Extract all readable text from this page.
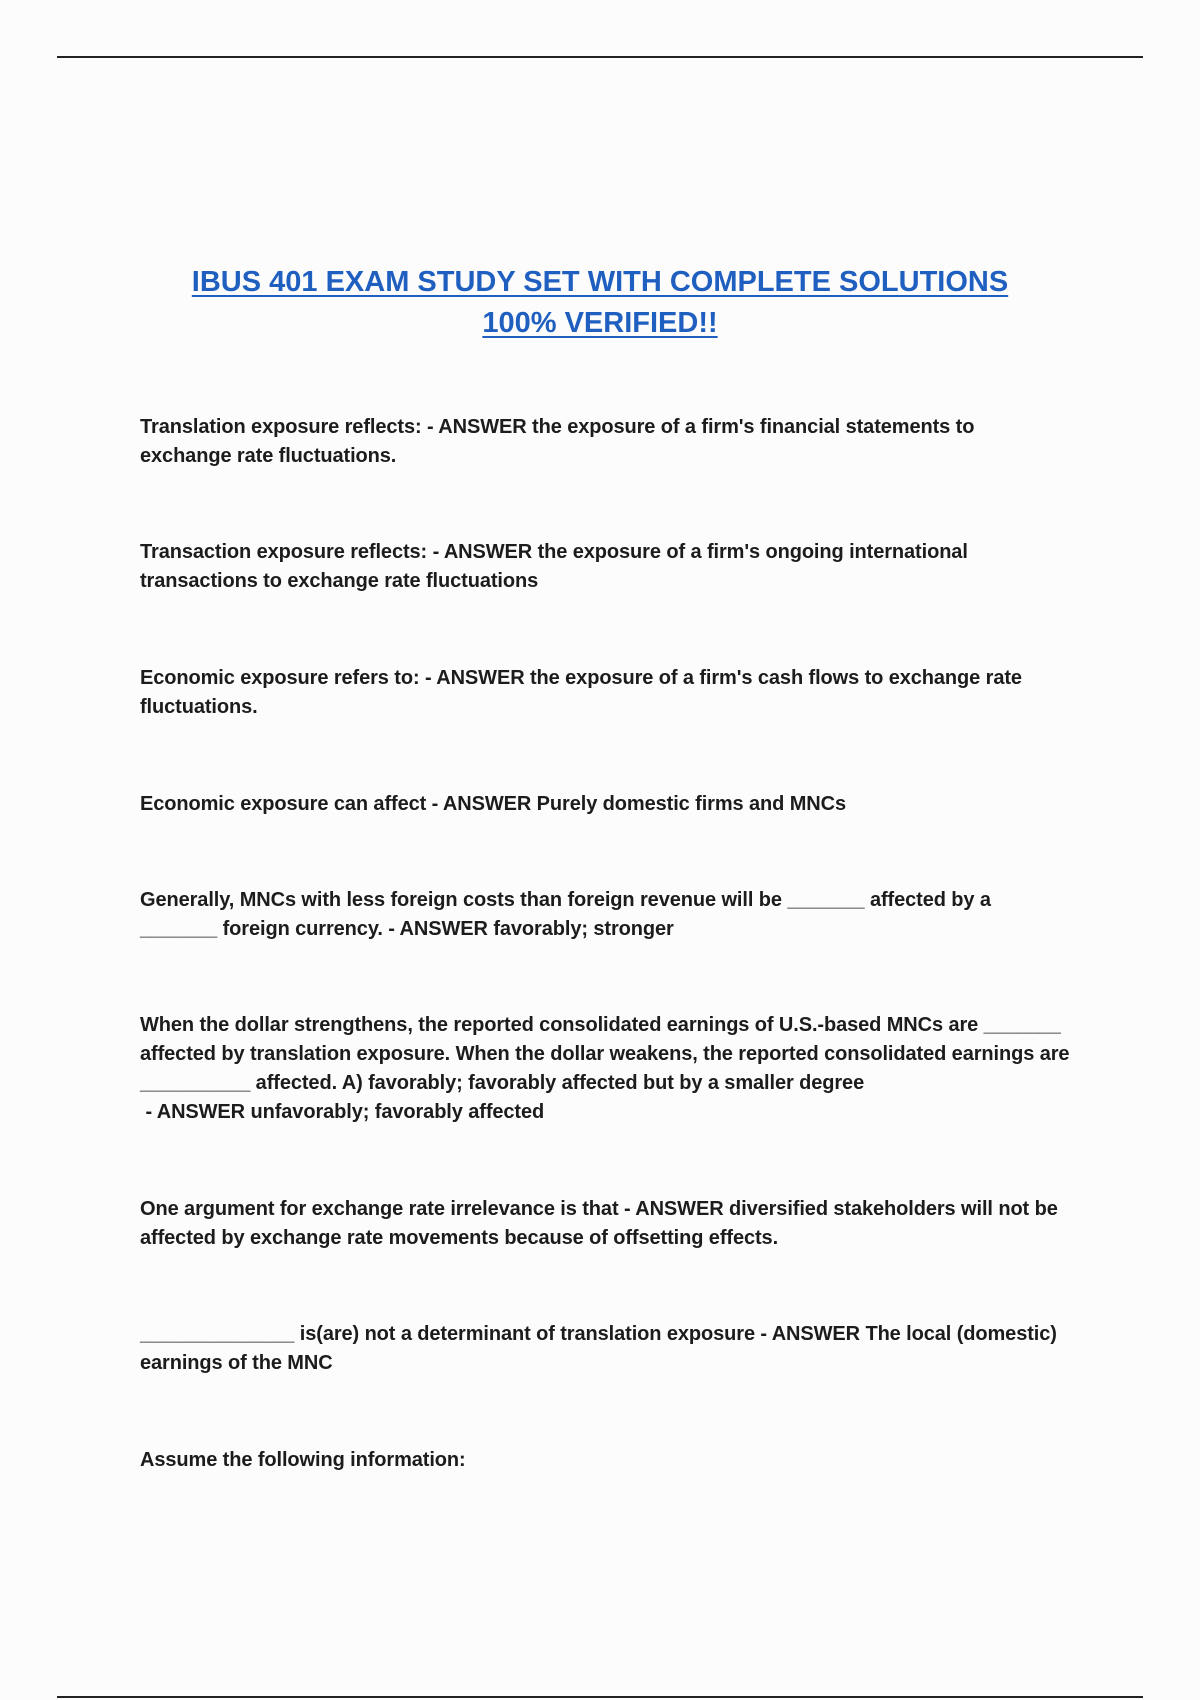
IBUS 401 EXAM STUDY SET WITH COMPLETE SOLUTIONS
100% VERIFIED!!
Translation exposure reflects: - ANSWER the exposure of a firm's financial statements to exchange rate fluctuations.
Transaction exposure reflects: - ANSWER the exposure of a firm's ongoing international transactions to exchange rate fluctuations
Economic exposure refers to: - ANSWER the exposure of a firm's cash flows to exchange rate fluctuations.
Economic exposure can affect - ANSWER Purely domestic firms and MNCs
Generally, MNCs with less foreign costs than foreign revenue will be _______ affected by a _______ foreign currency. - ANSWER favorably; stronger
When the dollar strengthens, the reported consolidated earnings of U.S.-based MNCs are _______ affected by translation exposure. When the dollar weakens, the reported consolidated earnings are __________ affected. A) favorably; favorably affected but by a smaller degree - ANSWER unfavorably; favorably affected
One argument for exchange rate irrelevance is that - ANSWER diversified stakeholders will not be affected by exchange rate movements because of offsetting effects.
______________ is(are) not a determinant of translation exposure - ANSWER The local (domestic) earnings of the MNC
Assume the following information:
